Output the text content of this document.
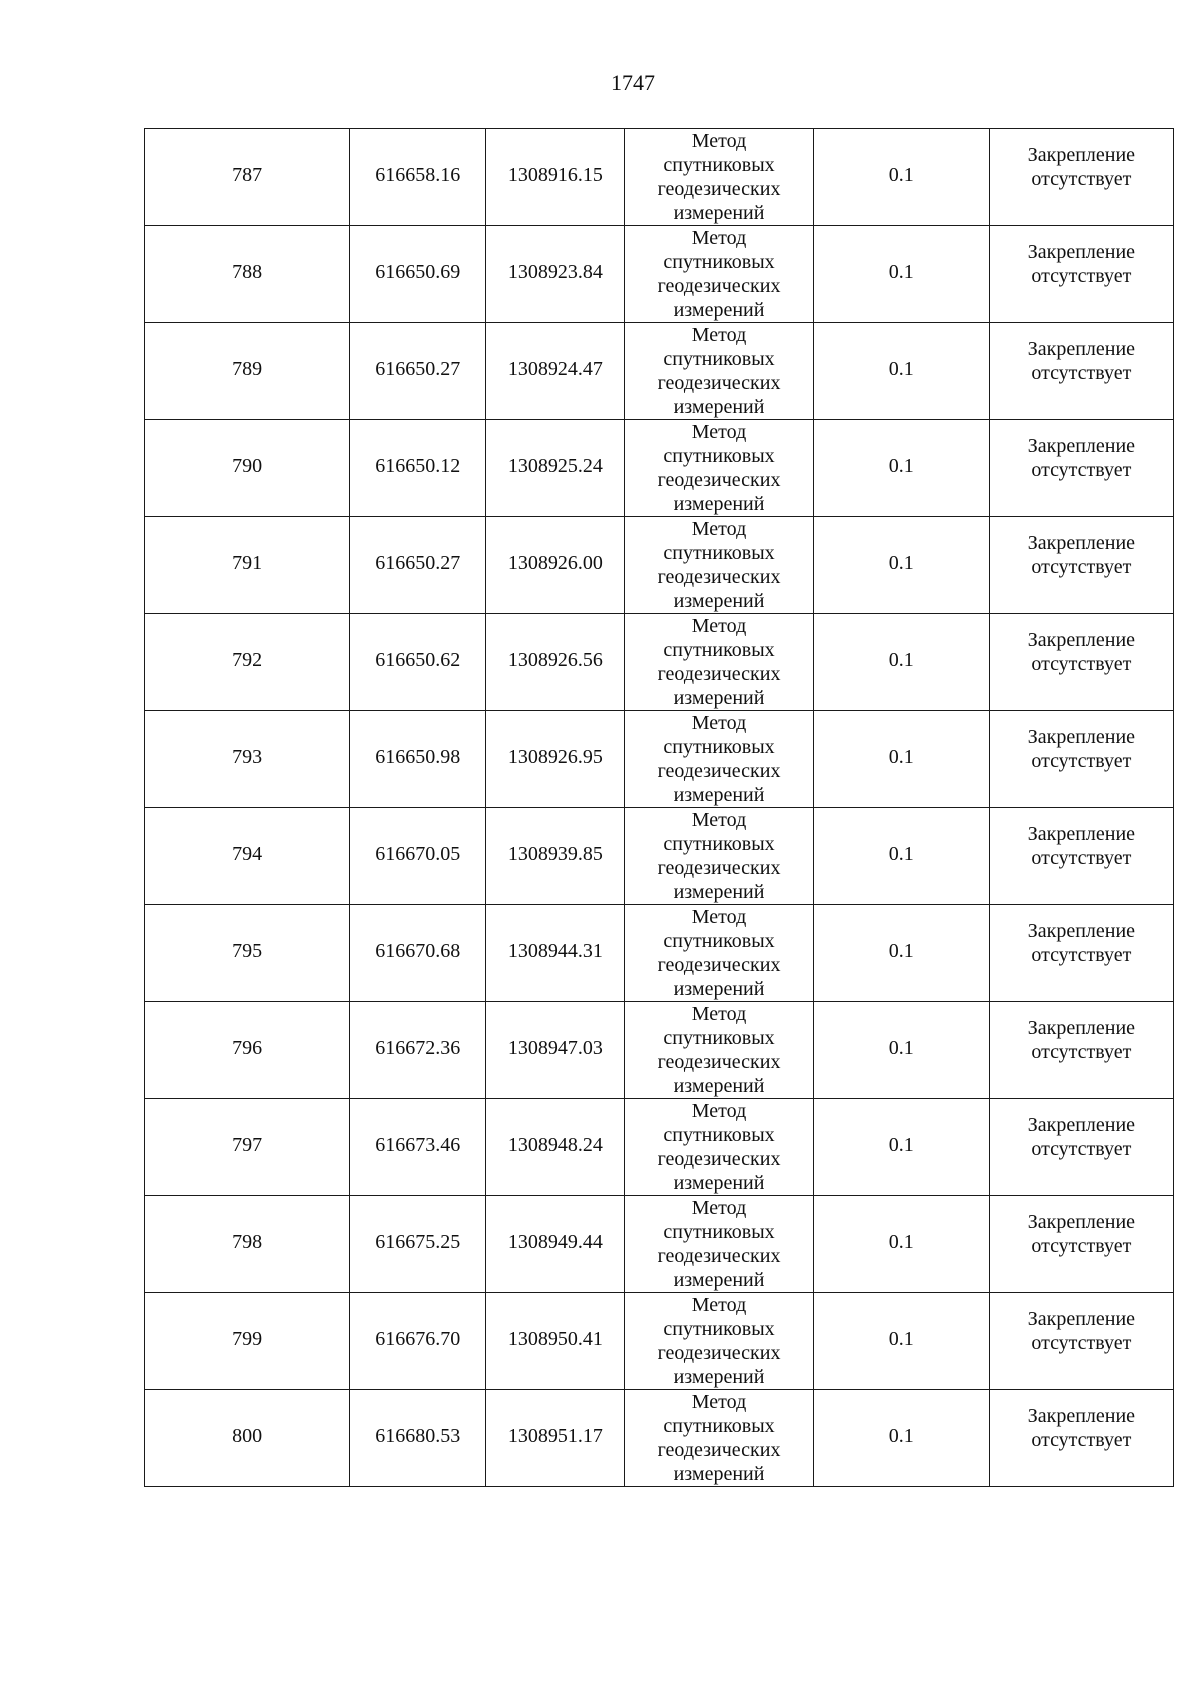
1747
787	616658.16	1308916.15	Метод спутниковых геодезических измерений	0.1	Закрепление отсутствует

788	616650.69	1308923.84	Метод спутниковых геодезических измерений	0.1	Закрепление отсутствует

789	616650.27	1308924.47	Метод спутниковых геодезических измерений	0.1	Закрепление отсутствует

790	616650.12	1308925.24	Метод спутниковых геодезических измерений	0.1	Закрепление отсутствует

791	616650.27	1308926.00	Метод спутниковых геодезических измерений	0.1	Закрепление отсутствует

792	616650.62	1308926.56	Метод спутниковых геодезических измерений	0.1	Закрепление отсутствует

793	616650.98	1308926.95	Метод спутниковых геодезических измерений	0.1	Закрепление отсутствует

794	616670.05	1308939.85	Метод спутниковых геодезических измерений	0.1	Закрепление отсутствует

795	616670.68	1308944.31	Метод спутниковых геодезических измерений	0.1	Закрепление отсутствует

796	616672.36	1308947.03	Метод спутниковых геодезических измерений	0.1	Закрепление отсутствует

797	616673.46	1308948.24	Метод спутниковых геодезических измерений	0.1	Закрепление отсутствует

798	616675.25	1308949.44	Метод спутниковых геодезических измерений	0.1	Закрепление отсутствует

799	616676.70	1308950.41	Метод спутниковых геодезических измерений	0.1	Закрепление отсутствует

800	616680.53	1308951.17	Метод спутниковых геодезических измерений	0.1	Закрепление отсутствует
